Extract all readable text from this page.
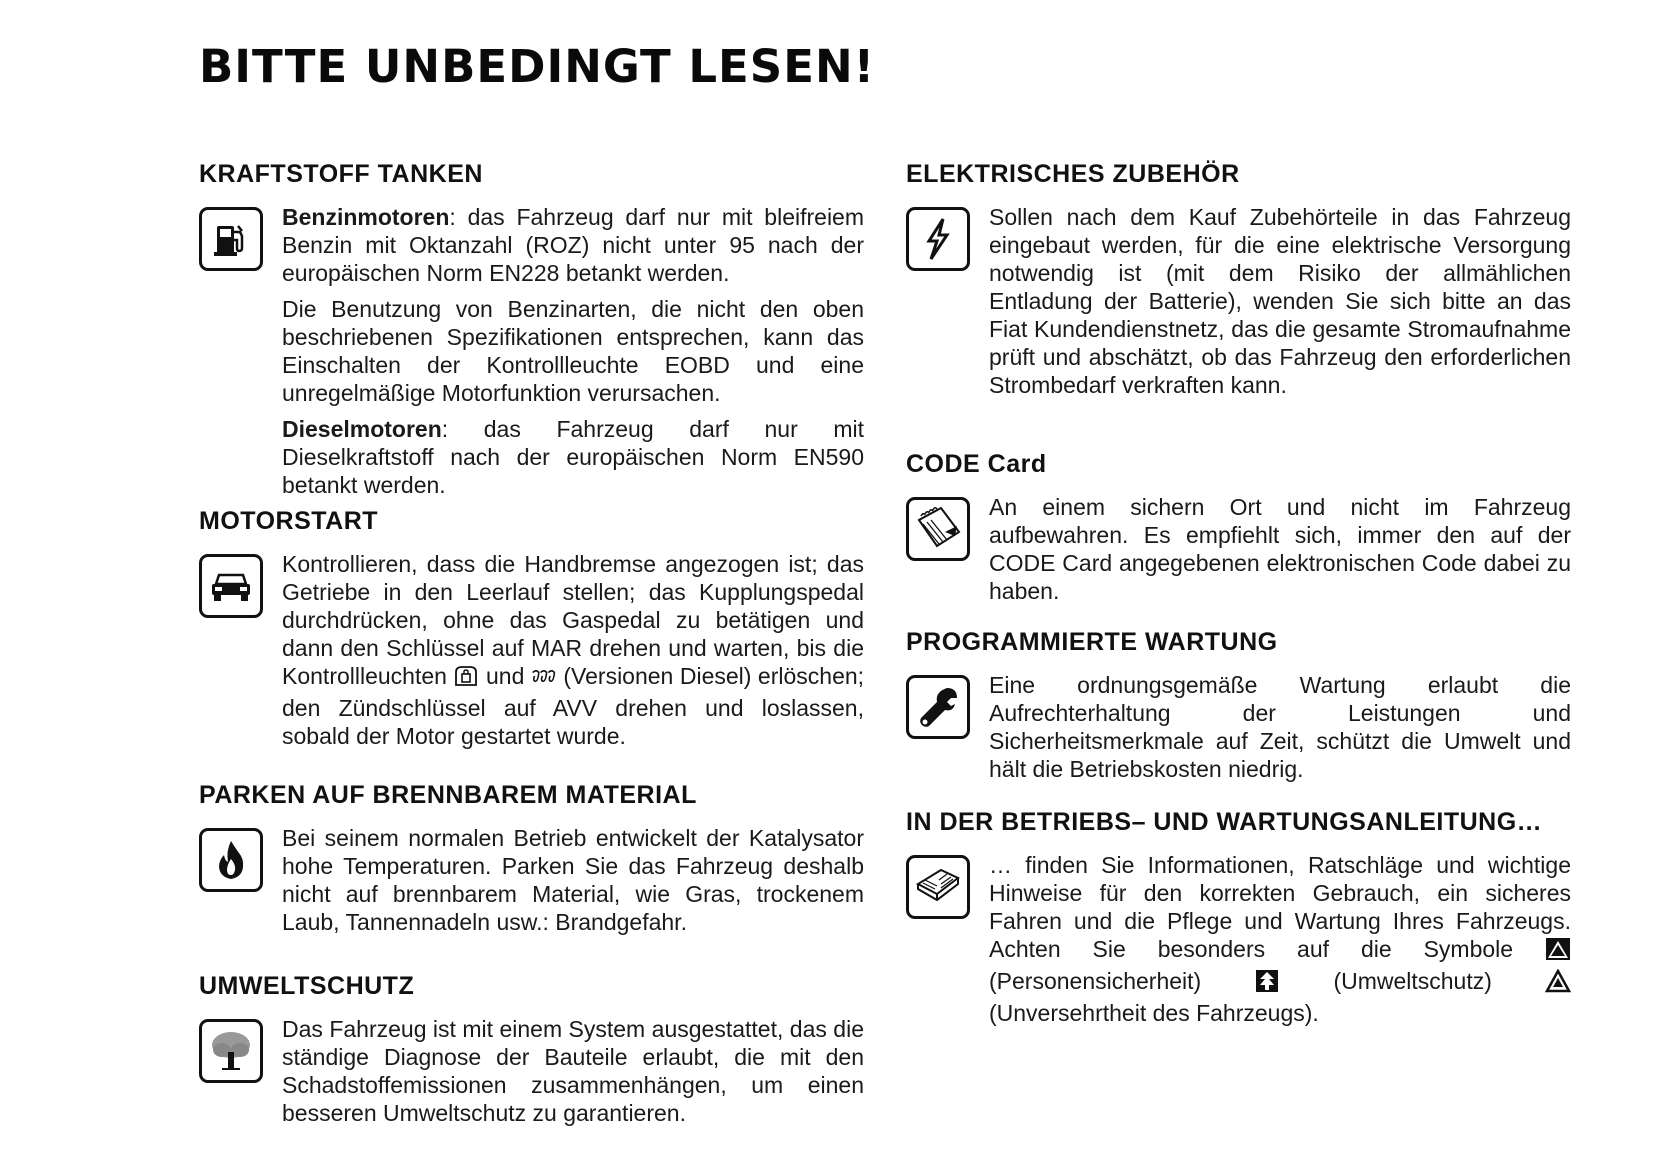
BITTE UNBEDINGT LESEN!
KRAFTSTOFF TANKEN

Benzinmotoren: das Fahrzeug darf nur mit bleifreiem Benzin mit Oktanzahl (ROZ) nicht unter 95 nach der europäischen Norm EN228 betankt werden.

Die Benutzung von Benzinarten, die nicht den oben beschriebenen Spezifikationen entsprechen, kann das Einschalten der Kontrollleuchte EOBD und eine unregelmäßige Motorfunktion verursachen.

Dieselmotoren: das Fahrzeug darf nur mit Dieselkraftstoff nach der europäischen Norm EN590 betankt werden.

MOTORSTART

Kontrollieren, dass die Handbremse angezogen ist; das Getriebe in den Leerlauf stellen; das Kupplungspedal durchdrücken, ohne das Gaspedal zu betätigen und dann den Schlüssel auf MAR drehen und warten, bis die Kontrollleuchten und (Versionen Diesel) erlöschen; den Zündschlüssel auf AVV drehen und loslassen, sobald der Motor gestartet wurde.

PARKEN AUF BRENNBAREM MATERIAL

Bei seinem normalen Betrieb entwickelt der Katalysator hohe Temperaturen. Parken Sie das Fahrzeug deshalb nicht auf brennbarem Material, wie Gras, trockenem Laub, Tannennadeln usw.: Brandgefahr.

UMWELTSCHUTZ

Das Fahrzeug ist mit einem System ausgestattet, das die ständige Diagnose der Bauteile erlaubt, die mit den Schadstoffemissionen zusammenhängen, um einen besseren Umweltschutz zu garantieren.

ELEKTRISCHES ZUBEHÖR

Sollen nach dem Kauf Zubehörteile in das Fahrzeug eingebaut werden, für die eine elektrische Versorgung notwendig ist (mit dem Risiko der allmählichen Entladung der Batterie), wenden Sie sich bitte an das Fiat Kundendienstnetz, das die gesamte Stromaufnahme prüft und abschätzt, ob das Fahrzeug den erforderlichen Strombedarf verkraften kann.

CODE Card

An einem sichern Ort und nicht im Fahrzeug aufbewahren. Es empfiehlt sich, immer den auf der CODE Card angegebenen elektronischen Code dabei zu haben.

PROGRAMMIERTE WARTUNG

Eine ordnungsgemäße Wartung erlaubt die Aufrechterhaltung der Leistungen und Sicherheitsmerkmale auf Zeit, schützt die Umwelt und hält die Betriebskosten niedrig.

IN DER BETRIEBS– UND WARTUNGSANLEITUNG…

… finden Sie Informationen, Ratschläge und wichtige Hinweise für den korrekten Gebrauch, ein sicheres Fahren und die Pflege und Wartung Ihres Fahrzeugs. Achten Sie besonders auf die Symbole  (Personensicherheit)	(Umweltschutz)  (Unversehrtheit des Fahrzeugs).
